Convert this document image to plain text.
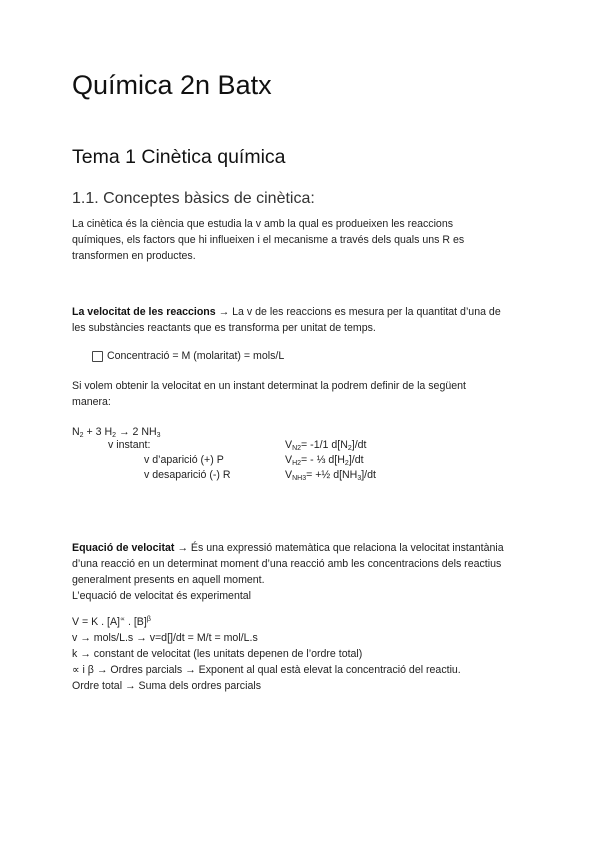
Química 2n Batx
Tema 1 Cinètica química
1.1. Conceptes bàsics de cinètica:
La cinètica és la ciència que estudia la v amb la qual es produeixen les reaccions
químiques, els factors que hi influeixen i el mecanisme a través dels quals uns R es
transformen en productes.
La velocitat de les reaccions → La v de les reaccions es mesura per la quantitat d’una de
les substàncies reactants que es transforma per unitat de temps.
Concentració = M (molaritat) = mols/L
Si volem obtenir la velocitat en un instant determinat la podrem definir de la següent
manera:
$N_2 + 3$ $H_2 \to 2$ $NH_3$
v instant:
v d’aparició (+) P
v desaparició (-) R
$V_{N2}= -1/1$ $d[N_2]/dt$
$V_{H2}=$ - ⅓ $d[H_2]/dt$
$V_{NH3}=$ +½ $d[NH_3]/dt$
Equació de velocitat → És una expressió matemàtica que relaciona la velocitat instantània
d’una reacció en un determinat moment d’una reacció amb les concentracions dels reactius
generalment presents en aquell moment.
L’equació de velocitat és experimental
V = K . [A]∝ . $[B]^\beta$
v → mols/L.s → v=d[]/dt = M/t = mol/L.s
k → constant de velocitat (les unitats depenen de l’ordre total)
∝ i β → Ordres parcials → Exponent al qual està elevat la concentració del reactiu.
Ordre total → Suma dels ordres parcials
